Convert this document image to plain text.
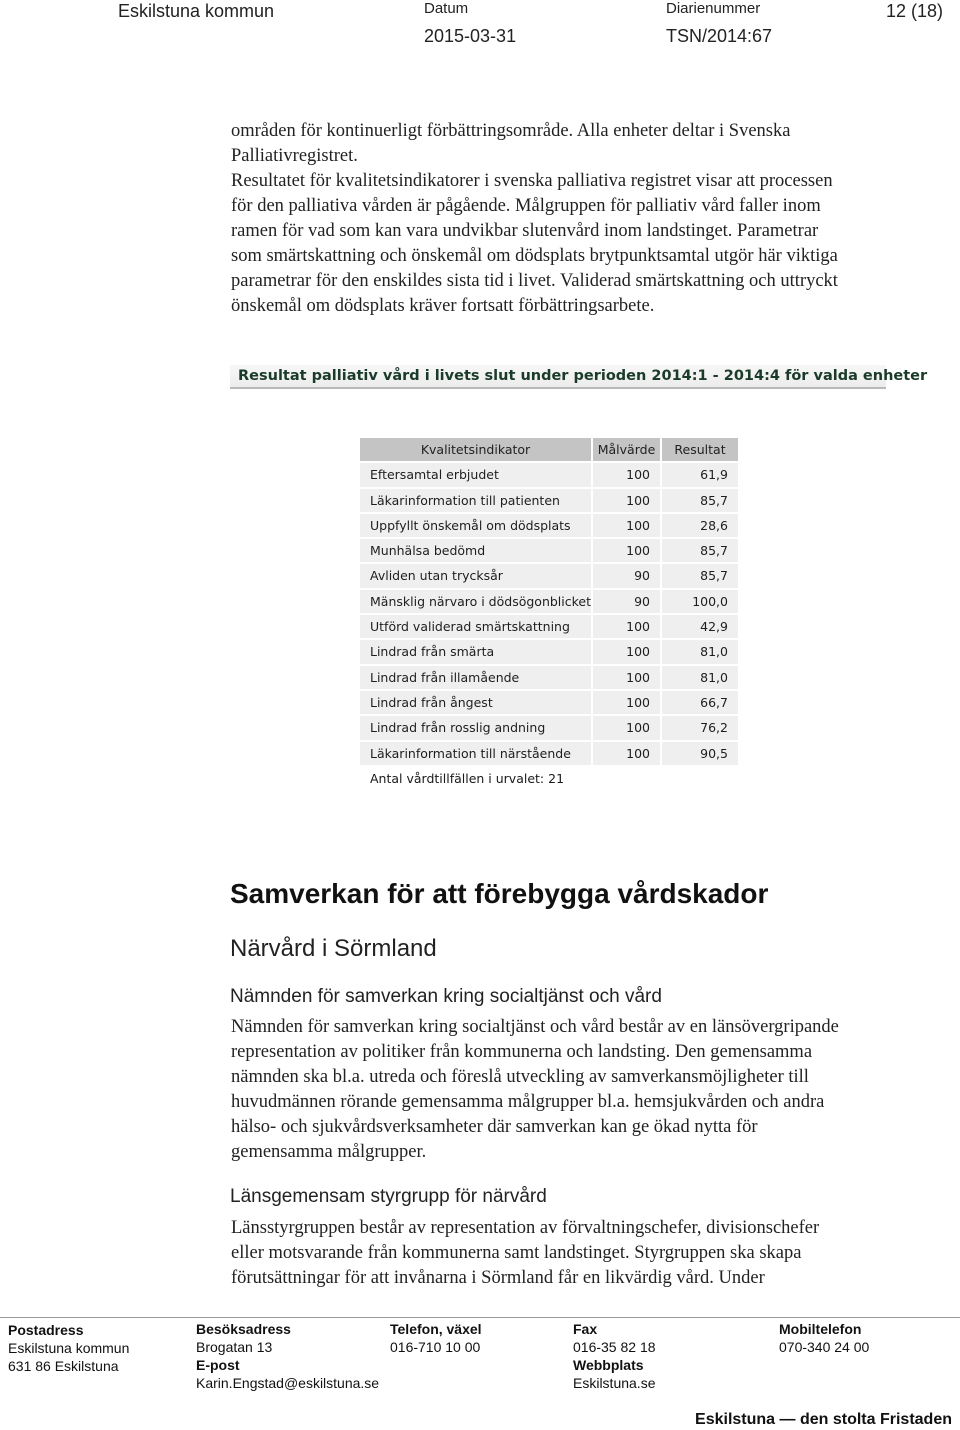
Eskilstuna kommun	Datum
2015-03-31
Diarienummer
TSN/2014:67
12 (18)
områden för kontinuerligt förbättringsområde. Alla enheter deltar i Svenska
Palliativregistret.
Resultatet för kvalitetsindikatorer i svenska palliativa registret visar att processen
för den palliativa vården är pågående. Målgruppen för palliativ vård faller inom
ramen för vad som kan vara undvikbar slutenvård inom landstinget. Parametrar
som smärtskattning och önskemål om dödsplats brytpunktsamtal utgör här viktiga
parametrar för den enskildes sista tid i livet. Validerad smärtskattning och uttryckt
önskemål om dödsplats kräver fortsatt förbättringsarbete.
Resultat palliativ vård i livets slut under perioden 2014:1 - 2014:4 för valda enheter
Kvalitetsindikator	Målvärde	Resultat
Eftersamtal erbjudet	100	61,9
Läkarinformation till patienten	100	85,7
Uppfyllt önskemål om dödsplats	100	28,6
Munhälsa bedömd	100	85,7
Avliden utan trycksår	90	85,7
Mänsklig närvaro i dödsögonblicket	90	100,0
Utförd validerad smärtskattning	100	42,9
Lindrad från smärta	100	81,0
Lindrad från illamående	100	81,0
Lindrad från ångest	100	66,7
Lindrad från rosslig andning	100	76,2
Läkarinformation till närstående	100	90,5
Antal vårdtillfällen i urvalet: 21
Samverkan för att förebygga vårdskador
Närvård i Sörmland
Nämnden för samverkan kring socialtjänst och vård
Nämnden för samverkan kring socialtjänst och vård består av en länsövergripande
representation av politiker från kommunerna och landsting. Den gemensamma
nämnden ska bl.a. utreda och föreslå utveckling av samverkansmöjligheter till
huvudmännen rörande gemensamma målgrupper bl.a. hemsjukvården och andra
hälso- och sjukvårdsverksamheter där samverkan kan ge ökad nytta för
gemensamma målgrupper.
Länsgemensam styrgrupp för närvård
Länsstyrgruppen består av representation av förvaltningschefer, divisionschefer
eller motsvarande från kommunerna samt landstinget. Styrgruppen ska skapa
förutsättningar för att invånarna i Sörmland får en likvärdig vård. Under
Postadress
Eskilstuna kommun
631 86 Eskilstuna
Besöksadress
Brogatan 13
E-post
Karin.Engstad@eskilstuna.se
Telefon, växel
016-710 10 00
Fax
016-35 82 18
Webbplats
Eskilstuna.se
Mobiltelefon
070-340 24 00
Eskilstuna — den stolta Fristaden
